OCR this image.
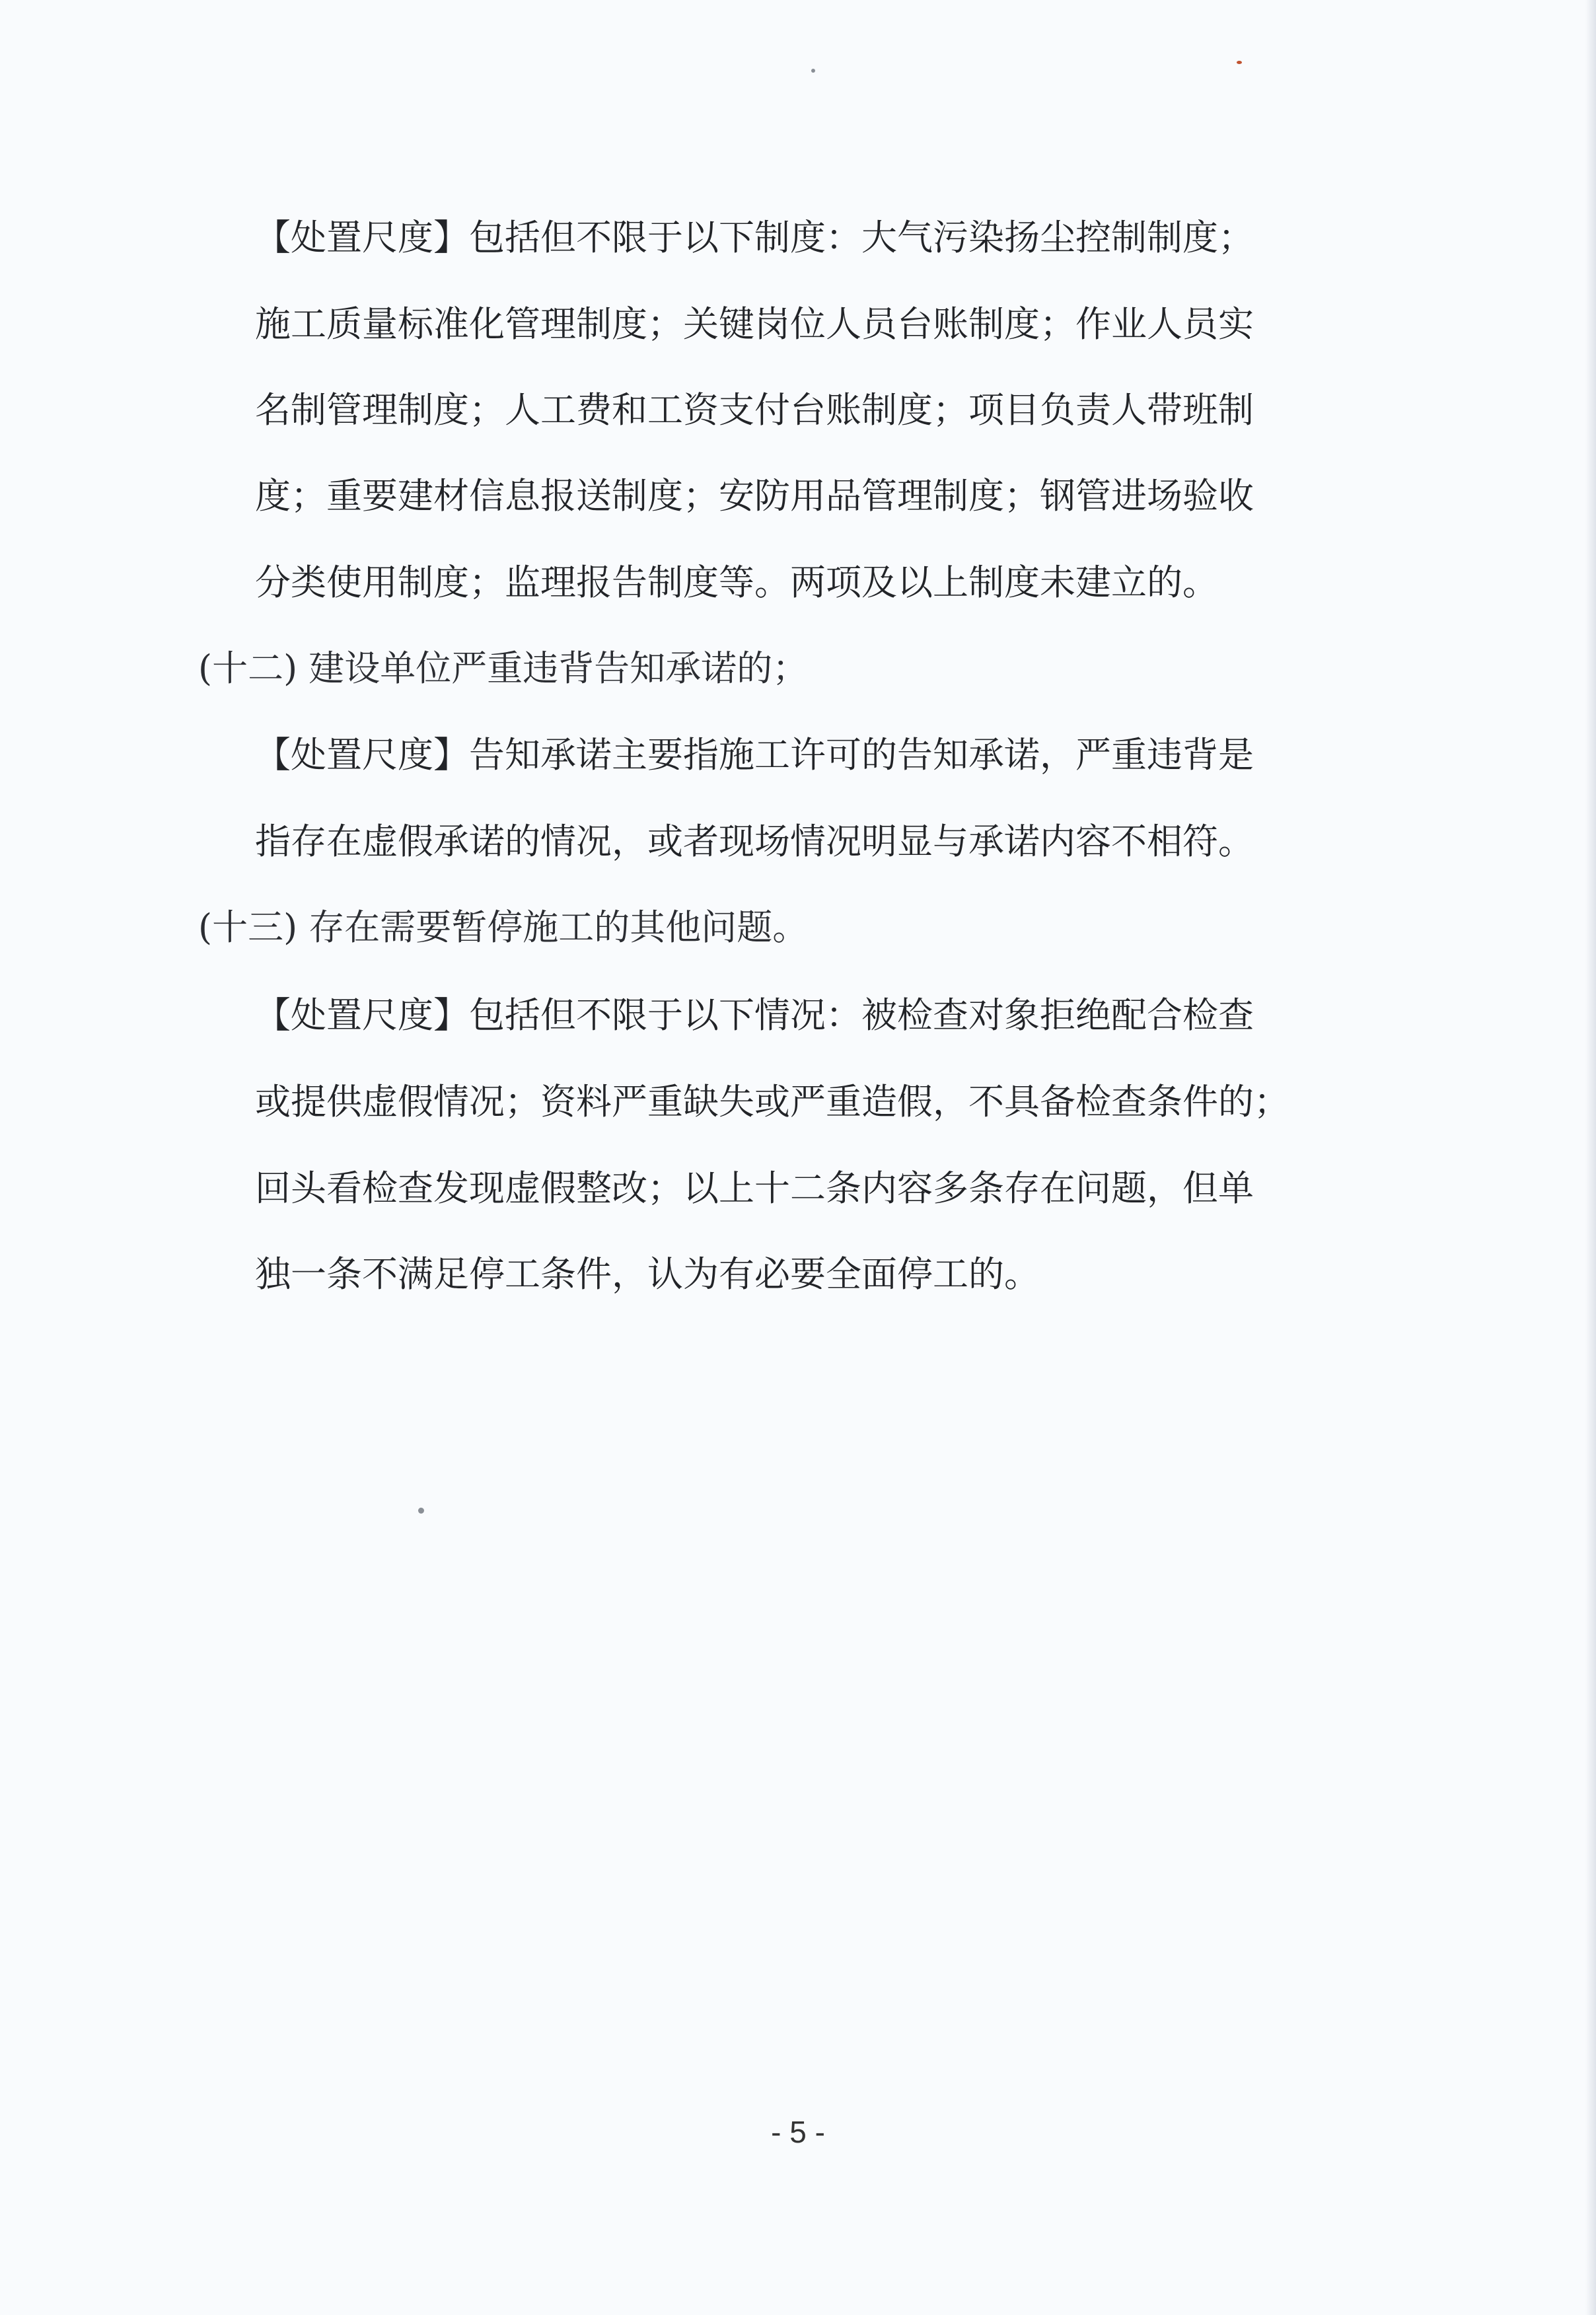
【处置尺度】包括但不限于以下制度：大气污染扬尘控制制度；
施工质量标准化管理制度；关键岗位人员台账制度；作业人员实
名制管理制度；人工费和工资支付台账制度；项目负责人带班制
度；重要建材信息报送制度；安防用品管理制度；钢管进场验收
分类使用制度；监理报告制度等。两项及以上制度未建立的。
(十二) 建设单位严重违背告知承诺的；
【处置尺度】告知承诺主要指施工许可的告知承诺，严重违背是
指存在虚假承诺的情况，或者现场情况明显与承诺内容不相符。
(十三) 存在需要暂停施工的其他问题。
【处置尺度】包括但不限于以下情况：被检查对象拒绝配合检查
或提供虚假情况；资料严重缺失或严重造假，不具备检查条件的；
回头看检查发现虚假整改；以上十二条内容多条存在问题，但单
独一条不满足停工条件，认为有必要全面停工的。
- 5 -
